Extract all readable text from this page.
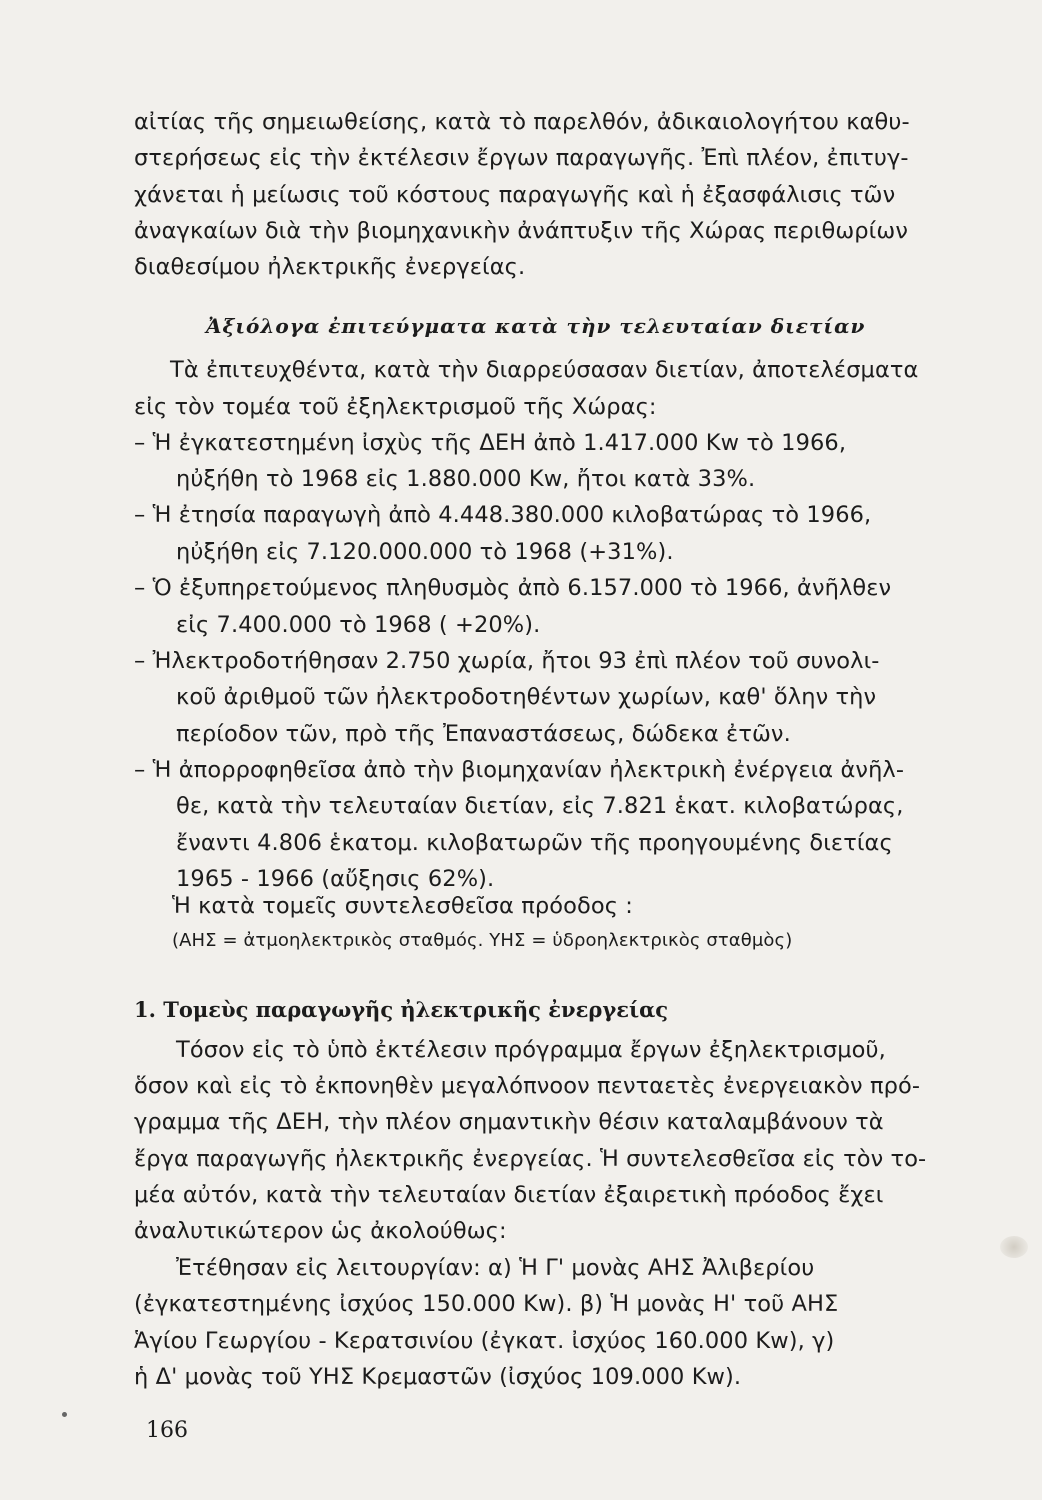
αἰτίας τῆς σημειωθείσης, κατὰ τὸ παρελθόν, ἀδικαιολογήτου καθυ-
στερήσεως εἰς τὴν ἐκτέλεσιν ἔργων παραγωγῆς. Ἐπὶ πλέον, ἐπιτυγ-
χάνεται ἡ μείωσις τοῦ κόστους παραγωγῆς καὶ ἡ ἐξασφάλισις τῶν
ἀναγκαίων διὰ τὴν βιομηχανικὴν ἀνάπτυξιν τῆς Χώρας περιθωρίων
διαθεσίμου ἠλεκτρικῆς ἐνεργείας.
Ἀξιόλογα ἐπιτεύγματα κατὰ τὴν τελευταίαν διετίαν
Τὰ ἐπιτευχθέντα, κατὰ τὴν διαρρεύσασαν διετίαν, ἀποτελέσματα
εἰς τὸν τομέα τοῦ ἐξηλεκτρισμοῦ τῆς Χώρας:
– Ἡ ἐγκατεστημένη ἰσχὺς τῆς ΔΕΗ ἀπὸ 1.417.000 Kw τὸ 1966,
ηὐξήθη τὸ 1968 εἰς 1.880.000 Kw, ἤτοι κατὰ 33%.
– Ἡ ἐτησία παραγωγὴ ἀπὸ 4.448.380.000 κιλοβατώρας τὸ 1966,
ηὐξήθη εἰς 7.120.000.000 τὸ 1968 (+31%).
– Ὁ ἐξυπηρετούμενος πληθυσμὸς ἀπὸ 6.157.000 τὸ 1966, ἀνῆλθεν
εἰς 7.400.000 τὸ 1968 ( +20%).
– Ἠλεκτροδοτήθησαν 2.750 χωρία, ἤτοι 93 ἐπὶ πλέον τοῦ συνολι-
κοῦ ἀριθμοῦ τῶν ἠλεκτροδοτηθέντων χωρίων, καθ' ὅλην τὴν
περίοδον τῶν, πρὸ τῆς Ἐπαναστάσεως, δώδεκα ἐτῶν.
– Ἡ ἀπορροφηθεῖσα ἀπὸ τὴν βιομηχανίαν ἠλεκτρικὴ ἐνέργεια ἀνῆλ-
θε, κατὰ τὴν τελευταίαν διετίαν, εἰς 7.821 ἑκατ. κιλοβατώρας,
ἔναντι 4.806 ἑκατομ. κιλοβατωρῶν τῆς προηγουμένης διετίας
1965 - 1966 (αὔξησις 62%).
Ἡ κατὰ τομεῖς συντελεσθεῖσα πρόοδος :
(ΑΗΣ = ἀτμοηλεκτρικὸς σταθμός. ΥΗΣ = ὑδροηλεκτρικὸς σταθμὸς)
1. Τομεὺς παραγωγῆς ἠλεκτρικῆς ἐνεργείας
Τόσον εἰς τὸ ὑπὸ ἐκτέλεσιν πρόγραμμα ἔργων ἐξηλεκτρισμοῦ,
ὅσον καὶ εἰς τὸ ἐκπονηθὲν μεγαλόπνοον πενταετὲς ἐνεργειακὸν πρό-
γραμμα τῆς ΔΕΗ, τὴν πλέον σημαντικὴν θέσιν καταλαμβάνουν τὰ
ἔργα παραγωγῆς ἠλεκτρικῆς ἐνεργείας. Ἡ συντελεσθεῖσα εἰς τὸν το-
μέα αὐτόν, κατὰ τὴν τελευταίαν διετίαν ἐξαιρετικὴ πρόοδος ἔχει
ἀναλυτικώτερον ὡς ἀκολούθως:
Ἐτέθησαν εἰς λειτουργίαν: α) Ἡ Γ' μονὰς ΑΗΣ Ἀλιβερίου
(ἐγκατεστημένης ἰσχύος 150.000 Kw). β) Ἡ μονὰς Η' τοῦ ΑΗΣ
Ἁγίου Γεωργίου - Κερατσινίου (ἐγκατ. ἰσχύος 160.000 Kw), γ)
ἡ Δ' μονὰς τοῦ ΥΗΣ Κρεμαστῶν (ἰσχύος 109.000 Kw).
166
